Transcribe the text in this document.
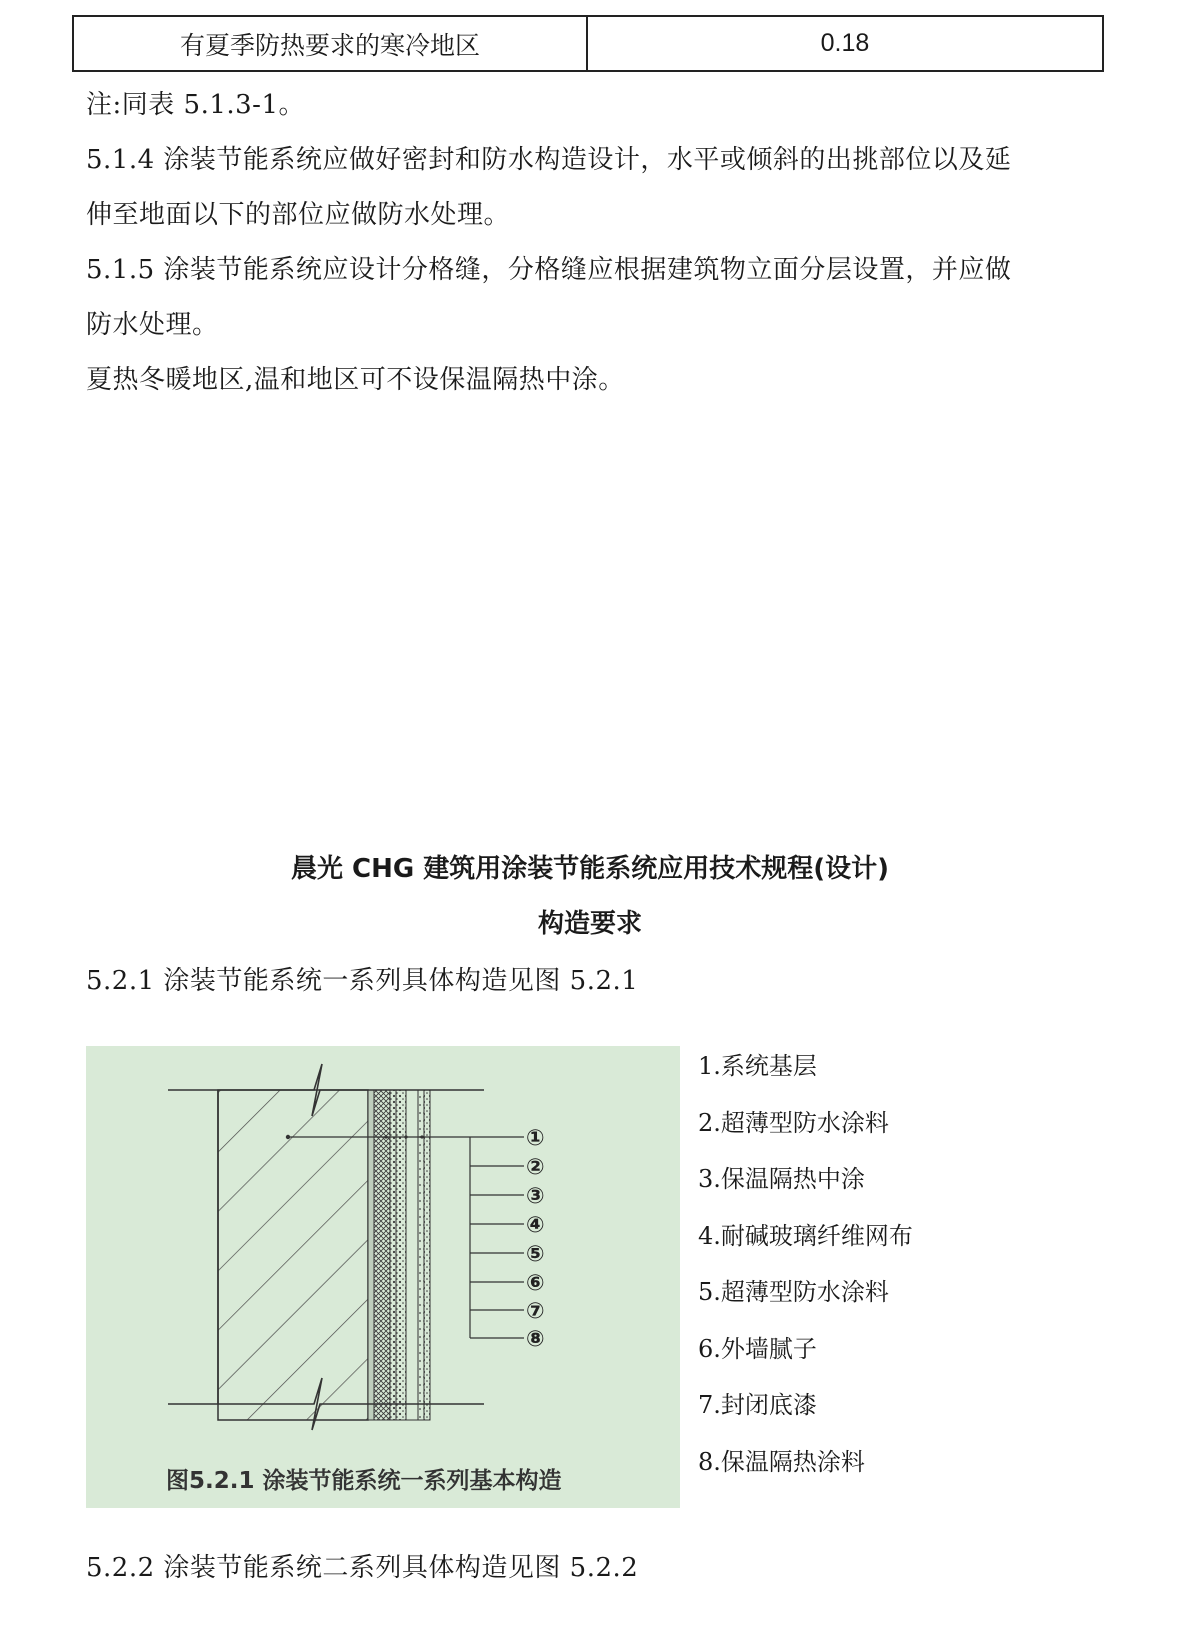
有夏季防热要求的寒冷地区	0.18
注:同表 5.1.3-1。
5.1.4 涂装节能系统应做好密封和防水构造设计，水平或倾斜的出挑部位以及延
伸至地面以下的部位应做防水处理。
5.1.5 涂装节能系统应设计分格缝，分格缝应根据建筑物立面分层设置，并应做
防水处理。
夏热冬暖地区,温和地区可不设保温隔热中涂。
晨光 CHG 建筑用涂装节能系统应用技术规程(设计)
构造要求
5.2.1 涂装节能系统一系列具体构造见图 5.2.1
①
②
③
④
⑤
⑥
⑦
⑧
图5.2.1 涂装节能系统一系列基本构造
1.系统基层
2.超薄型防水涂料
3.保温隔热中涂
4.耐碱玻璃纤维网布
5.超薄型防水涂料
6.外墙腻子
7.封闭底漆
8.保温隔热涂料
5.2.2 涂装节能系统二系列具体构造见图 5.2.2
